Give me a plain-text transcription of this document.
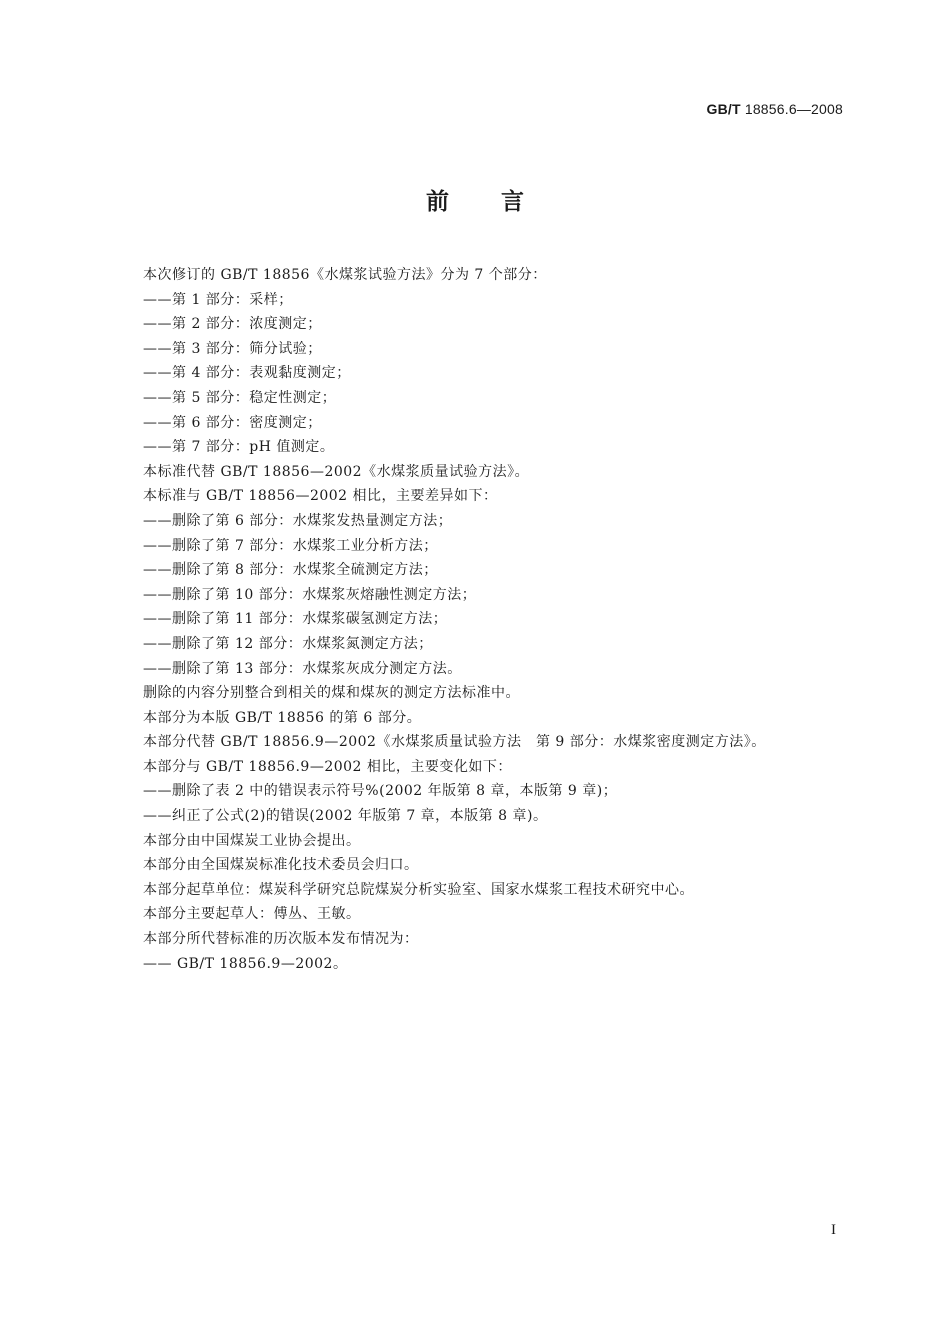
GB/T 18856.6—2008
前言
本次修订的 GB/T 18856《水煤浆试验方法》分为 7 个部分：
——第 1 部分：采样；
——第 2 部分：浓度测定；
——第 3 部分：筛分试验；
——第 4 部分：表观黏度测定；
——第 5 部分：稳定性测定；
——第 6 部分：密度测定；
——第 7 部分：pH 值测定。
本标准代替 GB/T 18856—2002《水煤浆质量试验方法》。
本标准与 GB/T 18856—2002 相比，主要差异如下：
——删除了第 6 部分：水煤浆发热量测定方法；
——删除了第 7 部分：水煤浆工业分析方法；
——删除了第 8 部分：水煤浆全硫测定方法；
——删除了第 10 部分：水煤浆灰熔融性测定方法；
——删除了第 11 部分：水煤浆碳氢测定方法；
——删除了第 12 部分：水煤浆氮测定方法；
——删除了第 13 部分：水煤浆灰成分测定方法。
删除的内容分别整合到相关的煤和煤灰的测定方法标准中。
本部分为本版 GB/T 18856 的第 6 部分。
本部分代替 GB/T 18856.9—2002《水煤浆质量试验方法　第 9 部分：水煤浆密度测定方法》。
本部分与 GB/T 18856.9—2002 相比，主要变化如下：
——删除了表 2 中的错误表示符号%(2002 年版第 8 章，本版第 9 章)；
——纠正了公式(2)的错误(2002 年版第 7 章，本版第 8 章)。
本部分由中国煤炭工业协会提出。
本部分由全国煤炭标准化技术委员会归口。
本部分起草单位：煤炭科学研究总院煤炭分析实验室、国家水煤浆工程技术研究中心。
本部分主要起草人：傅丛、王敏。
本部分所代替标准的历次版本发布情况为：
—— GB/T 18856.9—2002。
I
